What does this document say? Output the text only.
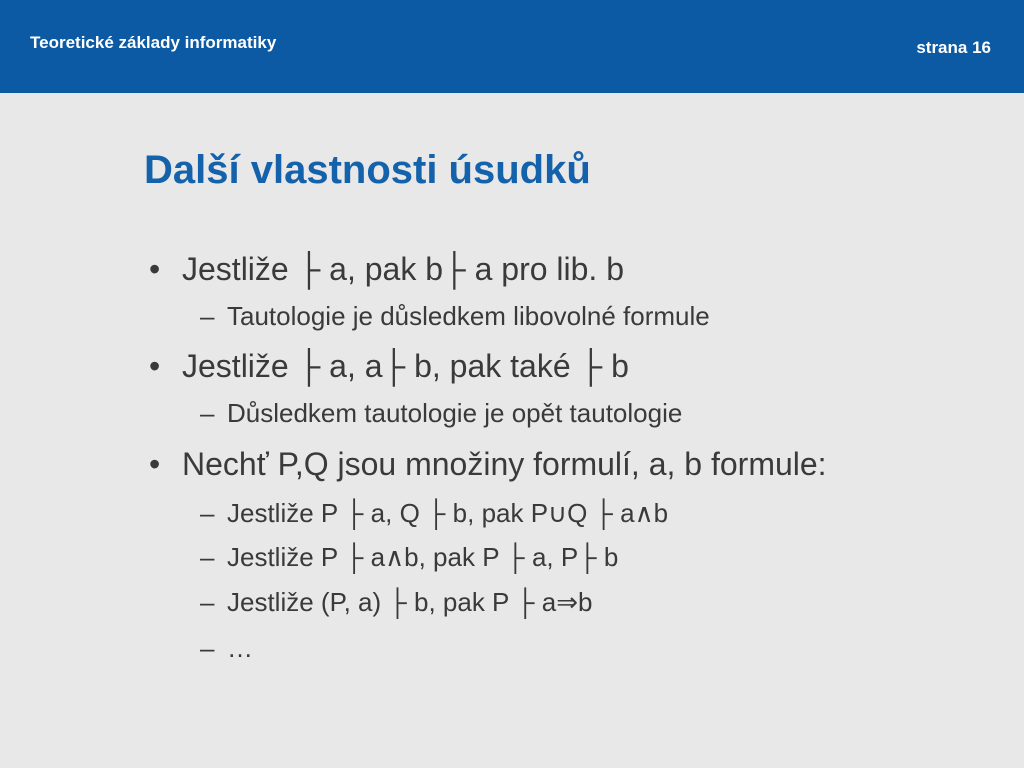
Teoretické základy informatiky	strana 16
Další vlastnosti úsudků
• Jestliže ├ a, pak b├ a pro lib. b
– Tautologie je důsledkem libovolné formule
• Jestliže ├ a, a├ b, pak také ├ b
– Důsledkem tautologie je opět tautologie
• Nechť P,Q jsou množiny formulí, a, b formule:
– Jestliže P ├ a, Q ├ b, pak P∪Q ├ a∧b
– Jestliže P ├ a∧b, pak P ├ a, P├ b
– Jestliže (P, a) ├ b, pak P ├ a⇒b
– …
